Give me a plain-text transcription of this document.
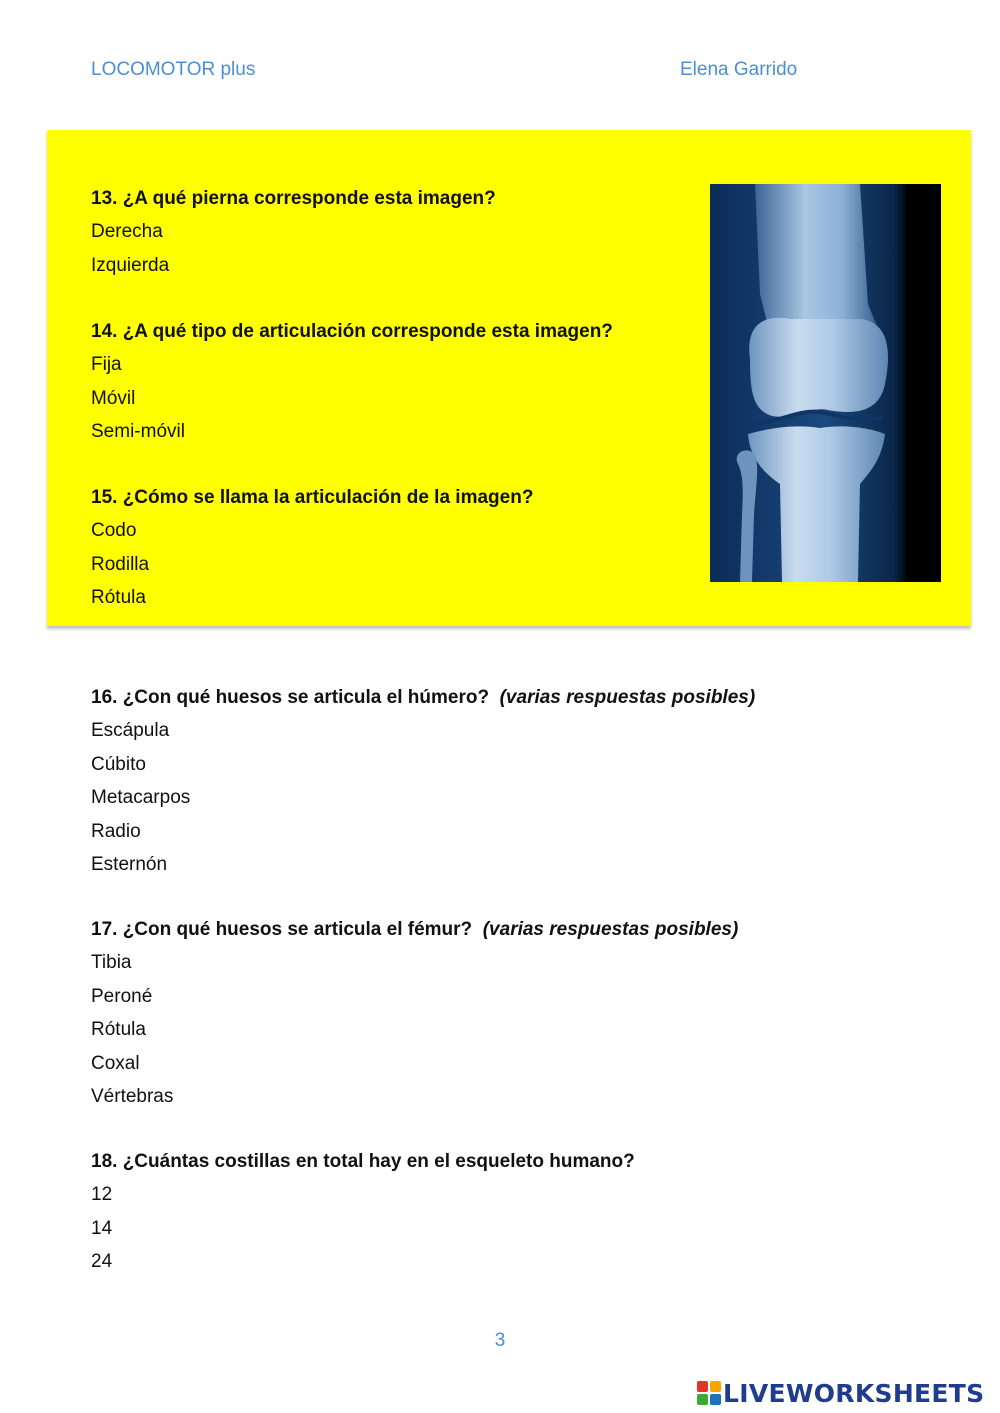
LOCOMOTOR plus	Elena Garrido
13. ¿A qué pierna corresponde esta imagen?
Derecha
Izquierda
14. ¿A qué tipo de articulación corresponde esta imagen?
Fija
Móvil
Semi-móvil
15. ¿Cómo se llama la articulación de la imagen?
Codo
Rodilla
Rótula
16. ¿Con qué huesos se articula el húmero? (varias respuestas posibles)
Escápula
Cúbito
Metacarpos
Radio
Esternón
17. ¿Con qué huesos se articula el fémur? (varias respuestas posibles)
Tibia
Peroné
Rótula
Coxal
Vértebras
18. ¿Cuántas costillas en total hay en el esqueleto humano?
12
14
24
3
LIVEWORKSHEETS
